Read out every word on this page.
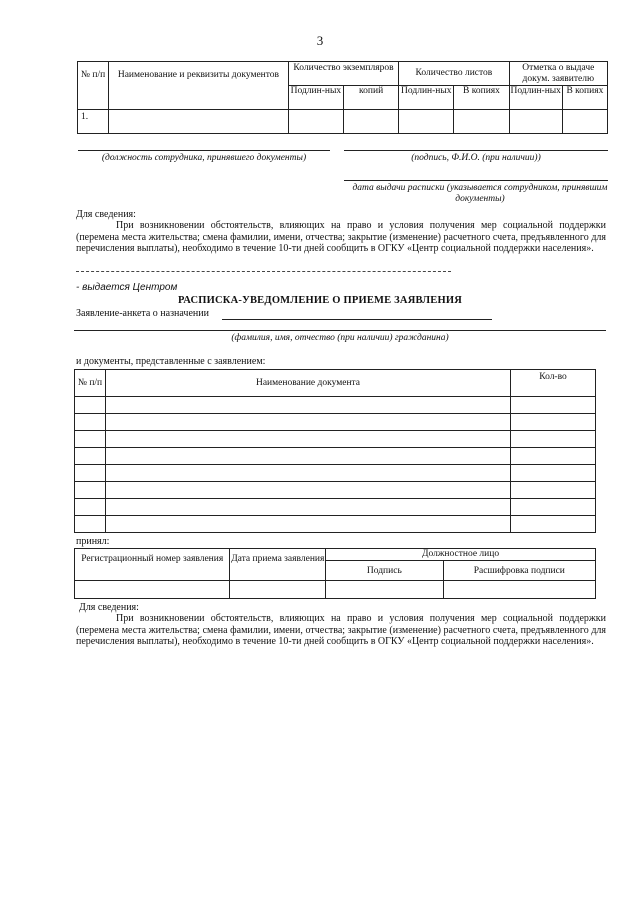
3
№ п/п	Наименование и реквизиты документов	Количество экземпляров		Количество листов		Отметка о выдаче докум. заявителю	
		Подлин-ных	копий	Подлин-ных	В копиях	Подлин-ных	В копиях
1.							
(должность сотрудника, принявшего документы)	(подпись, Ф.И.О. (при наличии))
дата выдачи расписки (указывается сотрудником, принявшим документы)
Для сведения:
При возникновении обстоятельств, влияющих на право и условия получения мер социальной поддержки (перемена места жительства; смена фамилии, имени, отчества; закрытие (изменение) расчетного счета, предъявленного для перечисления выплаты), необходимо в течение 10-ти дней сообщить в ОГКУ «Центр социальной поддержки населения».
- выдается Центром
РАСПИСКА-УВЕДОМЛЕНИЕ О ПРИЕМЕ ЗАЯВЛЕНИЯ
Заявление-анкета о назначении
(фамилия, имя, отчество (при наличии) гражданина)
и документы, представленные с заявлением:
№ п/п	Наименование документа	Кол-во

принял:
Регистрационный номер заявления	Дата приема заявления	Должностное лицо	
		Подпись	Расшифровка подписи

Для сведения:
При возникновении обстоятельств, влияющих на право и условия получения мер социальной поддержки (перемена места жительства; смена фамилии, имени, отчества; закрытие (изменение) расчетного счета, предъявленного для перечисления выплаты), необходимо в течение 10-ти дней сообщить в ОГКУ «Центр социальной поддержки населения».
